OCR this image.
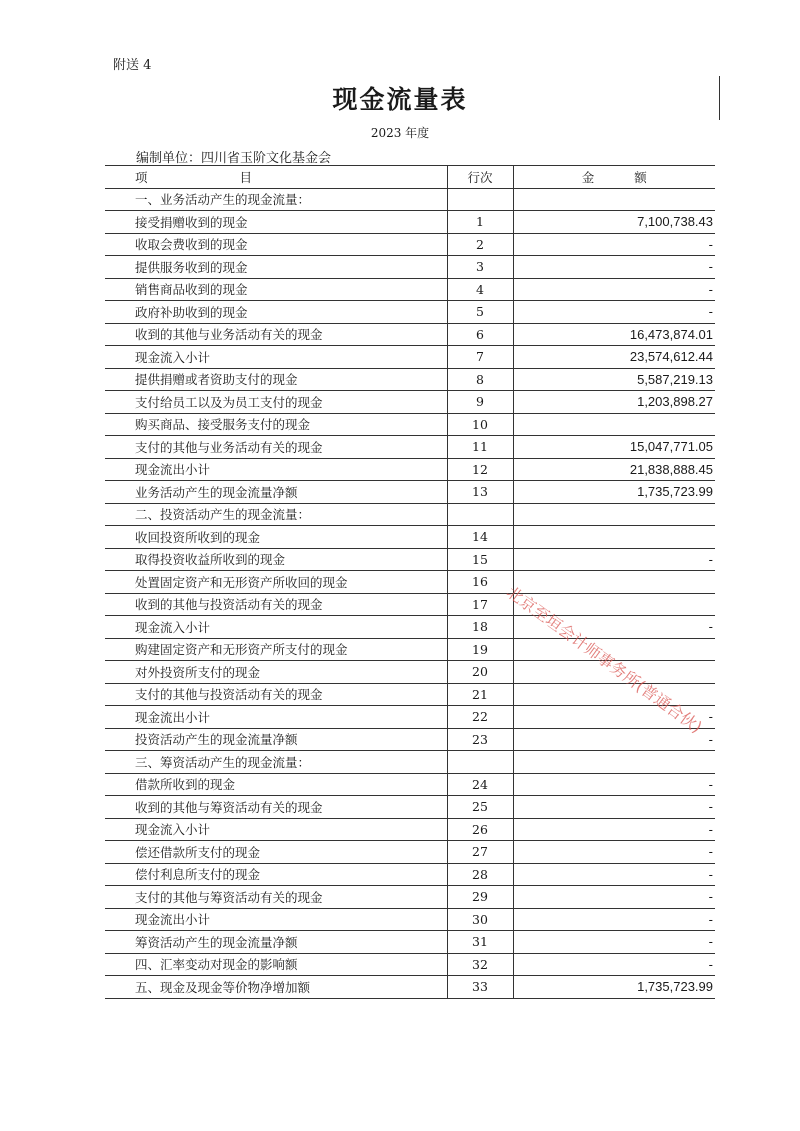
附送 4
现金流量表
2023 年度
编制单位：四川省玉阶文化基金会
项 目	行次	金 额
一、业务活动产生的现金流量：		
接受捐赠收到的现金	1	7,100,738.43
收取会费收到的现金	2	-
提供服务收到的现金	3	-
销售商品收到的现金	4	-
政府补助收到的现金	5	-
收到的其他与业务活动有关的现金	6	16,473,874.01
现金流入小计	7	23,574,612.44
提供捐赠或者资助支付的现金	8	5,587,219.13
支付给员工以及为员工支付的现金	9	1,203,898.27
购买商品、接受服务支付的现金	10	
支付的其他与业务活动有关的现金	11	15,047,771.05
现金流出小计	12	21,838,888.45
业务活动产生的现金流量净额	13	1,735,723.99
二、投资活动产生的现金流量：		
收回投资所收到的现金	14	
取得投资收益所收到的现金	15	-
处置固定资产和无形资产所收回的现金	16	
收到的其他与投资活动有关的现金	17	
现金流入小计	18	-
购建固定资产和无形资产所支付的现金	19	
对外投资所支付的现金	20	
支付的其他与投资活动有关的现金	21	
现金流出小计	22	-
投资活动产生的现金流量净额	23	-
三、筹资活动产生的现金流量：		
借款所收到的现金	24	-
收到的其他与筹资活动有关的现金	25	-
现金流入小计	26	-
偿还借款所支付的现金	27	-
偿付利息所支付的现金	28	-
支付的其他与筹资活动有关的现金	29	-
现金流出小计	30	-
筹资活动产生的现金流量净额	31	-
四、汇率变动对现金的影响额	32	-
五、现金及现金等价物净增加额	33	1,735,723.99
北京至垣会计师事务所(普通合伙)
